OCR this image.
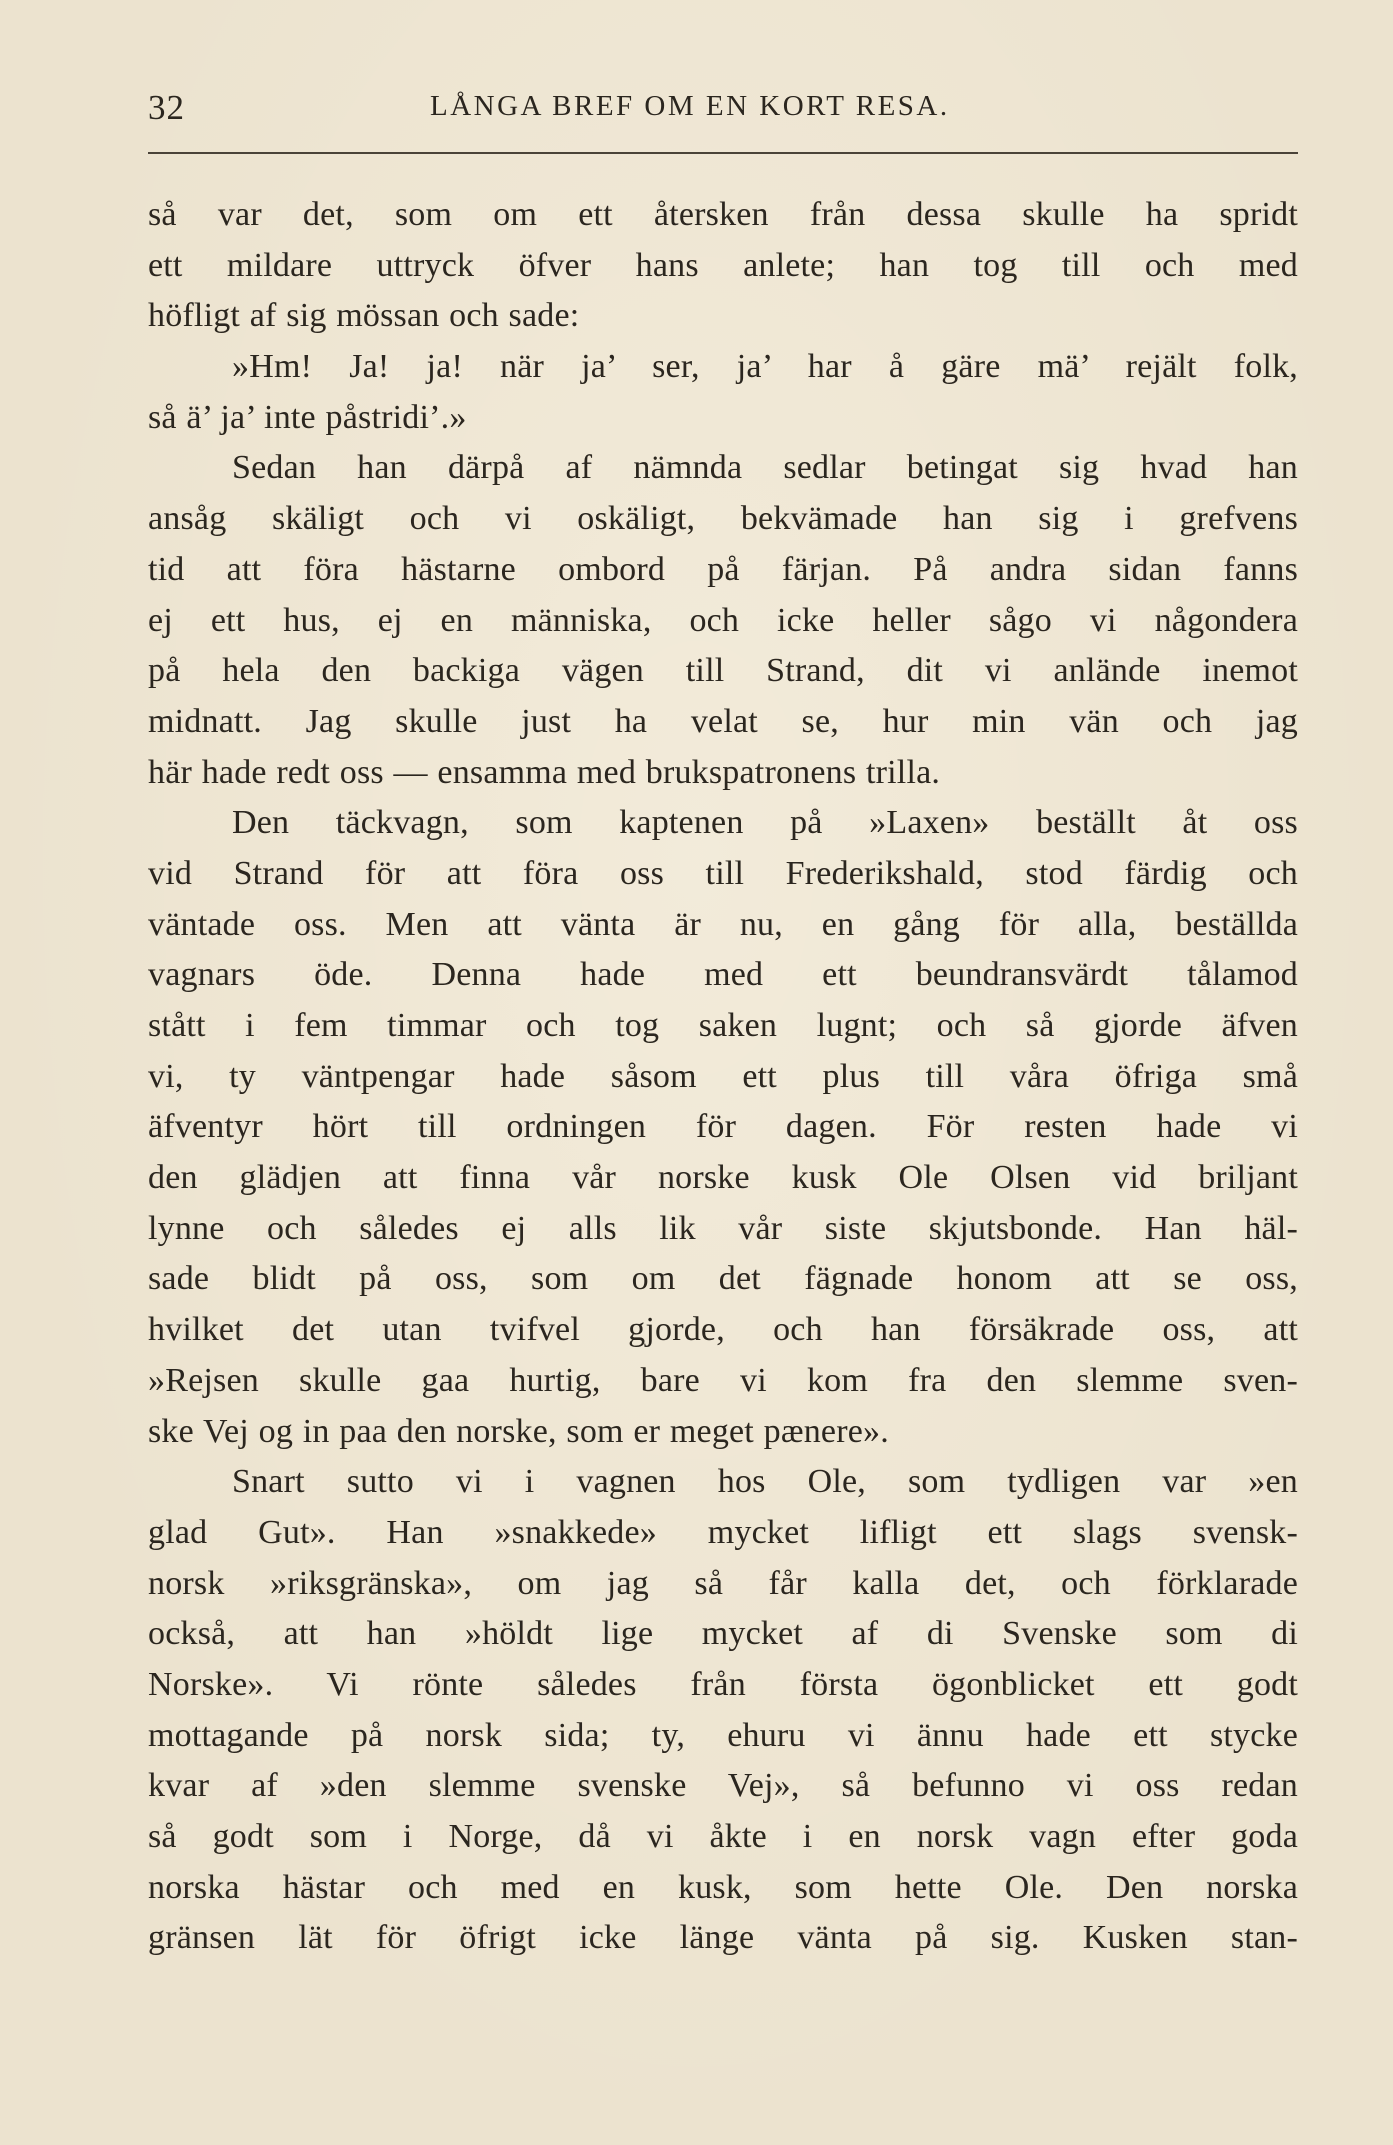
32	LÅNGA BREF OM EN KORT RESA.
så var det, som om ett återsken från dessa skulle ha spridt
ett mildare uttryck öfver hans anlete; han tog till och med
höfligt af sig mössan och sade:
»Hm! Ja! ja! när ja’ ser, ja’ har å gäre mä’ rejält folk,
så ä’ ja’ inte påstridi’.»
Sedan han därpå af nämnda sedlar betingat sig hvad han
ansåg skäligt och vi oskäligt, bekvämade han sig i grefvens
tid att föra hästarne ombord på färjan. På andra sidan fanns
ej ett hus, ej en människa, och icke heller sågo vi någondera
på hela den backiga vägen till Strand, dit vi anlände inemot
midnatt. Jag skulle just ha velat se, hur min vän och jag
här hade redt oss — ensamma med brukspatronens trilla.
Den täckvagn, som kaptenen på »Laxen» beställt åt oss
vid Strand för att föra oss till Frederikshald, stod färdig och
väntade oss. Men att vänta är nu, en gång för alla, beställda
vagnars öde. Denna hade med ett beundransvärdt tålamod
stått i fem timmar och tog saken lugnt; och så gjorde äfven
vi, ty väntpengar hade såsom ett plus till våra öfriga små
äfventyr hört till ordningen för dagen. För resten hade vi
den glädjen att finna vår norske kusk Ole Olsen vid briljant
lynne och således ej alls lik vår siste skjutsbonde. Han häl-
sade blidt på oss, som om det fägnade honom att se oss,
hvilket det utan tvifvel gjorde, och han försäkrade oss, att
»Rejsen skulle gaa hurtig, bare vi kom fra den slemme sven-
ske Vej og in paa den norske, som er meget pænere».
Snart sutto vi i vagnen hos Ole, som tydligen var »en
glad Gut». Han »snakkede» mycket lifligt ett slags svensk-
norsk »riksgränska», om jag så får kalla det, och förklarade
också, att han »höldt lige mycket af di Svenske som di
Norske». Vi rönte således från första ögonblicket ett godt
mottagande på norsk sida; ty, ehuru vi ännu hade ett stycke
kvar af »den slemme svenske Vej», så befunno vi oss redan
så godt som i Norge, då vi åkte i en norsk vagn efter goda
norska hästar och med en kusk, som hette Ole. Den norska
gränsen lät för öfrigt icke länge vänta på sig. Kusken stan-
